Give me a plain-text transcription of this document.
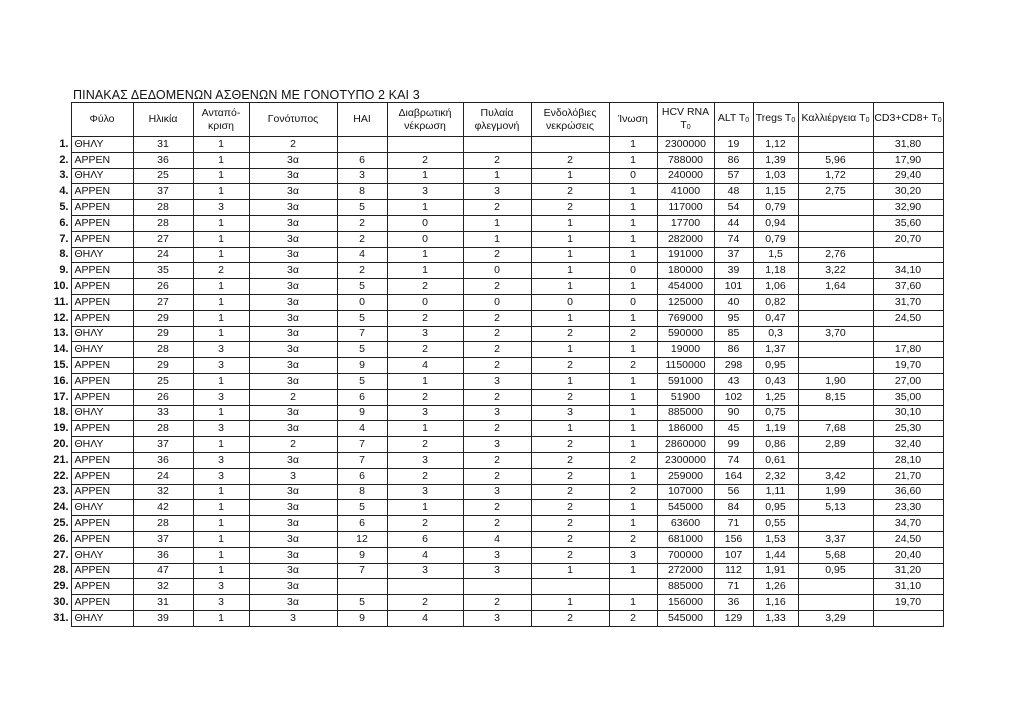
ΠΙΝΑΚΑΣ ΔΕΔΟΜΕΝΩΝ ΑΣΘΕΝΩΝ ΜΕ ΓΟΝΟΤΥΠΟ 2 ΚΑΙ 3
	Φύλο	Ηλικία	Ανταπό-κριση	Γονότυπος	HAI	Διαβρωτική νέκρωση	Πυλαία φλεγμονή	Ενδολόβιες νεκρώσεις	Ίνωση	HCV RNA T0	ALT T0	Tregs T0	Καλλιέργεια T0	CD3+CD8+ T0
1.	ΘΗΛΥ	31	1	2					1	2300000	19	1,12		31,80
2.	ΑΡΡΕΝ	36	1	3α	6	2	2	2	1	788000	86	1,39	5,96	17,90
3.	ΘΗΛΥ	25	1	3α	3	1	1	1	0	240000	57	1,03	1,72	29,40
4.	ΑΡΡΕΝ	37	1	3α	8	3	3	2	1	41000	48	1,15	2,75	30,20
5.	ΑΡΡΕΝ	28	3	3α	5	1	2	2	1	117000	54	0,79		32,90
6.	ΑΡΡΕΝ	28	1	3α	2	0	1	1	1	17700	44	0,94		35,60
7.	ΑΡΡΕΝ	27	1	3α	2	0	1	1	1	282000	74	0,79		20,70
8.	ΘΗΛΥ	24	1	3α	4	1	2	1	1	191000	37	1,5	2,76	
9.	ΑΡΡΕΝ	35	2	3α	2	1	0	1	0	180000	39	1,18	3,22	34,10
10.	ΑΡΡΕΝ	26	1	3α	5	2	2	1	1	454000	101	1,06	1,64	37,60
11.	ΑΡΡΕΝ	27	1	3α	0	0	0	0	0	125000	40	0,82		31,70
12.	ΑΡΡΕΝ	29	1	3α	5	2	2	1	1	769000	95	0,47		24,50
13.	ΘΗΛΥ	29	1	3α	7	3	2	2	2	590000	85	0,3	3,70	
14.	ΘΗΛΥ	28	3	3α	5	2	2	1	1	19000	86	1,37		17,80
15.	ΑΡΡΕΝ	29	3	3α	9	4	2	2	2	1150000	298	0,95		19,70
16.	ΑΡΡΕΝ	25	1	3α	5	1	3	1	1	591000	43	0,43	1,90	27,00
17.	ΑΡΡΕΝ	26	3	2	6	2	2	2	1	51900	102	1,25	8,15	35,00
18.	ΘΗΛΥ	33	1	3α	9	3	3	3	1	885000	90	0,75		30,10
19.	ΑΡΡΕΝ	28	3	3α	4	1	2	1	1	186000	45	1,19	7,68	25,30
20.	ΘΗΛΥ	37	1	2	7	2	3	2	1	2860000	99	0,86	2,89	32,40
21.	ΑΡΡΕΝ	36	3	3α	7	3	2	2	2	2300000	74	0,61		28,10
22.	ΑΡΡΕΝ	24	3	3	6	2	2	2	1	259000	164	2,32	3,42	21,70
23.	ΑΡΡΕΝ	32	1	3α	8	3	3	2	2	107000	56	1,11	1,99	36,60
24.	ΘΗΛΥ	42	1	3α	5	1	2	2	1	545000	84	0,95	5,13	23,30
25.	ΑΡΡΕΝ	28	1	3α	6	2	2	2	1	63600	71	0,55		34,70
26.	ΑΡΡΕΝ	37	1	3α	12	6	4	2	2	681000	156	1,53	3,37	24,50
27.	ΘΗΛΥ	36	1	3α	9	4	3	2	3	700000	107	1,44	5,68	20,40
28.	ΑΡΡΕΝ	47	1	3α	7	3	3	1	1	272000	112	1,91	0,95	31,20
29.	ΑΡΡΕΝ	32	3	3α						885000	71	1,26		31,10
30.	ΑΡΡΕΝ	31	3	3α	5	2	2	1	1	156000	36	1,16		19,70
31.	ΘΗΛΥ	39	1	3	9	4	3	2	2	545000	129	1,33	3,29	
